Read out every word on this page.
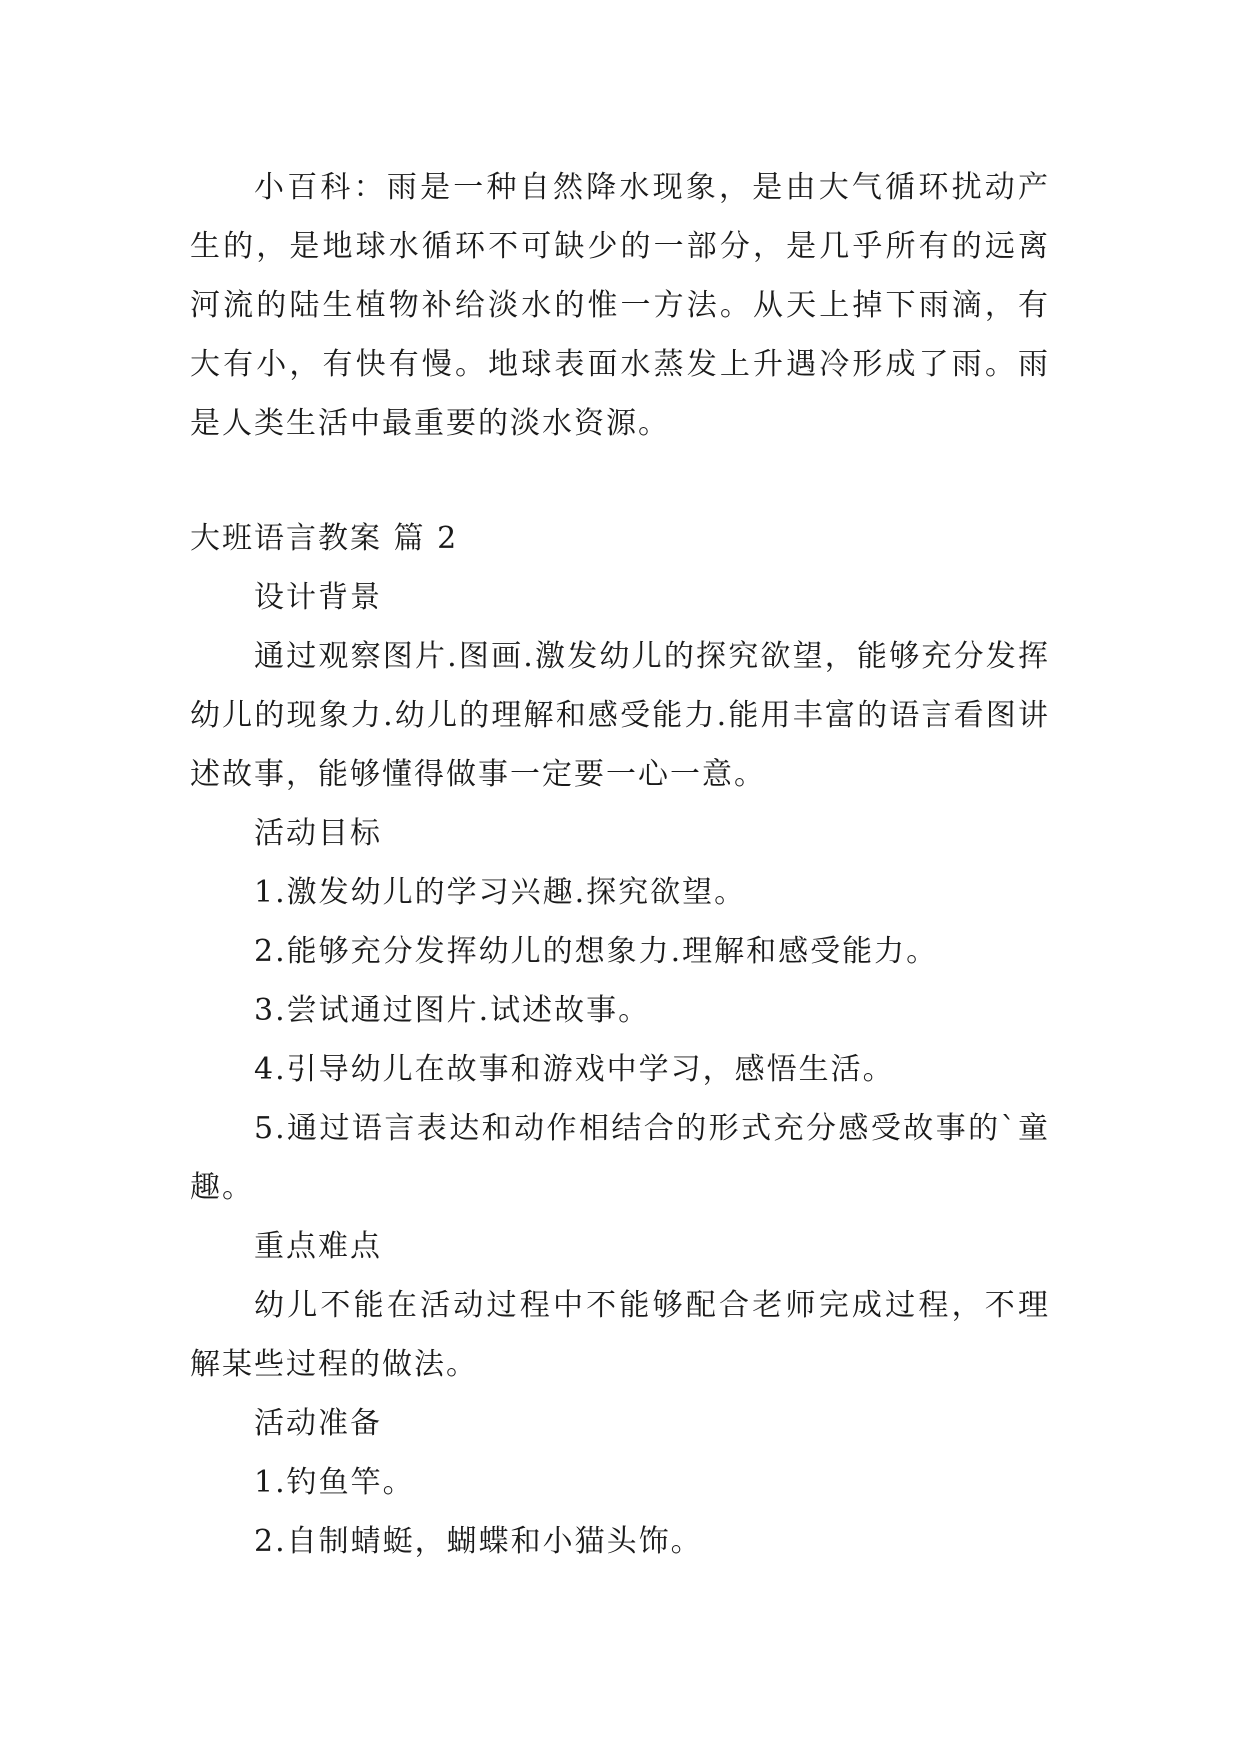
小百科：雨是一种自然降水现象，是由大气循环扰动产生的，是地球水循环不可缺少的一部分，是几乎所有的远离河流的陆生植物补给淡水的惟一方法。从天上掉下雨滴，有大有小，有快有慢。地球表面水蒸发上升遇冷形成了雨。雨是人类生活中最重要的淡水资源。

大班语言教案 篇 2

设计背景

通过观察图片.图画.激发幼儿的探究欲望，能够充分发挥幼儿的现象力.幼儿的理解和感受能力.能用丰富的语言看图讲述故事，能够懂得做事一定要一心一意。

活动目标

1.激发幼儿的学习兴趣.探究欲望。

2.能够充分发挥幼儿的想象力.理解和感受能力。

3.尝试通过图片.试述故事。

4.引导幼儿在故事和游戏中学习，感悟生活。

5.通过语言表达和动作相结合的形式充分感受故事的`童趣。

重点难点

幼儿不能在活动过程中不能够配合老师完成过程，不理解某些过程的做法。

活动准备

1.钓鱼竿。

2.自制蜻蜓，蝴蝶和小猫头饰。
